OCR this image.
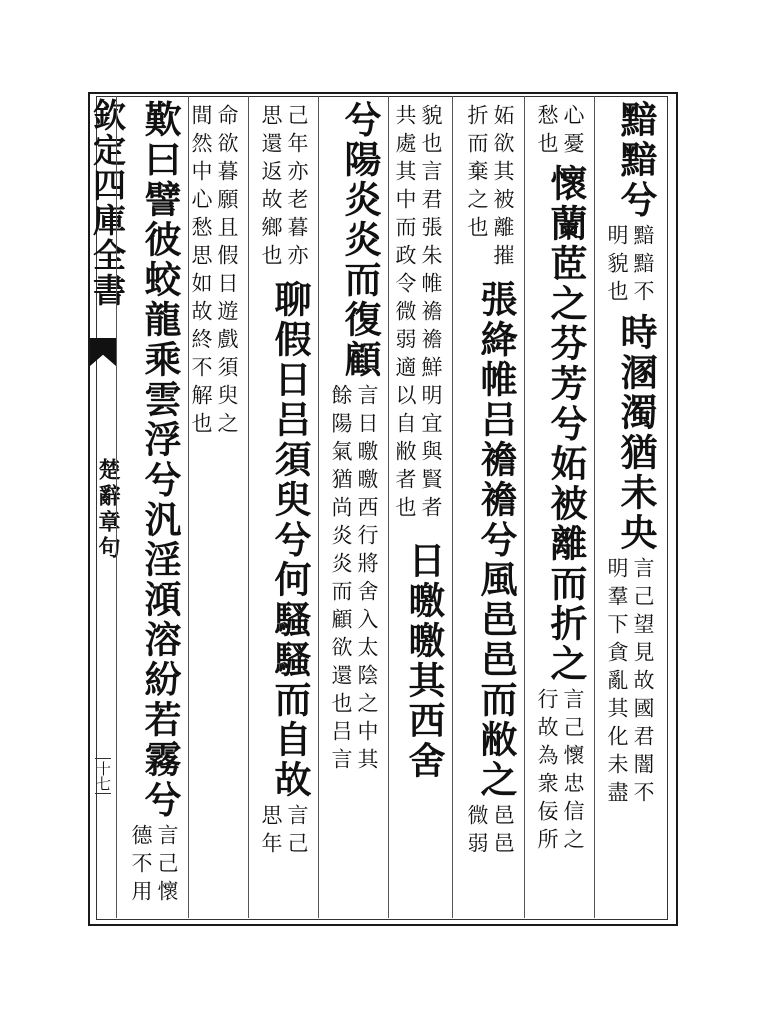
欽定四庫全書
楚辭章句
十七
黯黯兮
黯黯不
明貌也
時溷濁猶未央
言己望見故國君闇不
明羣下貪亂其化未盡
心憂
愁也
懷蘭茝之芬芳兮妬被離而折之
言己懷忠信之
行故為衆佞所
妬欲其被離摧
折而棄之也
張絳帷吕襜襜兮風邑邑而敝之
邑邑
微弱
貌也言君張朱帷襜襜鮮明宜與賢者
共處其中而政令微弱適以自敝者也
日曒曒其西舍
兮陽炎炎而復顧
言日曒曒西行將舍入太陰之中其
餘陽氣猶尚炎炎而顧欲還也吕言
己年亦老暮亦
思還返故鄉也
聊假日吕須臾兮何騷騷而自故
言己
思年
命欲暮願且假日遊戲須臾之
間然中心愁思如故終不解也
歎曰譬彼蛟龍乘雲浮兮汎淫澒溶紛若霧兮
言己懷
德不用
